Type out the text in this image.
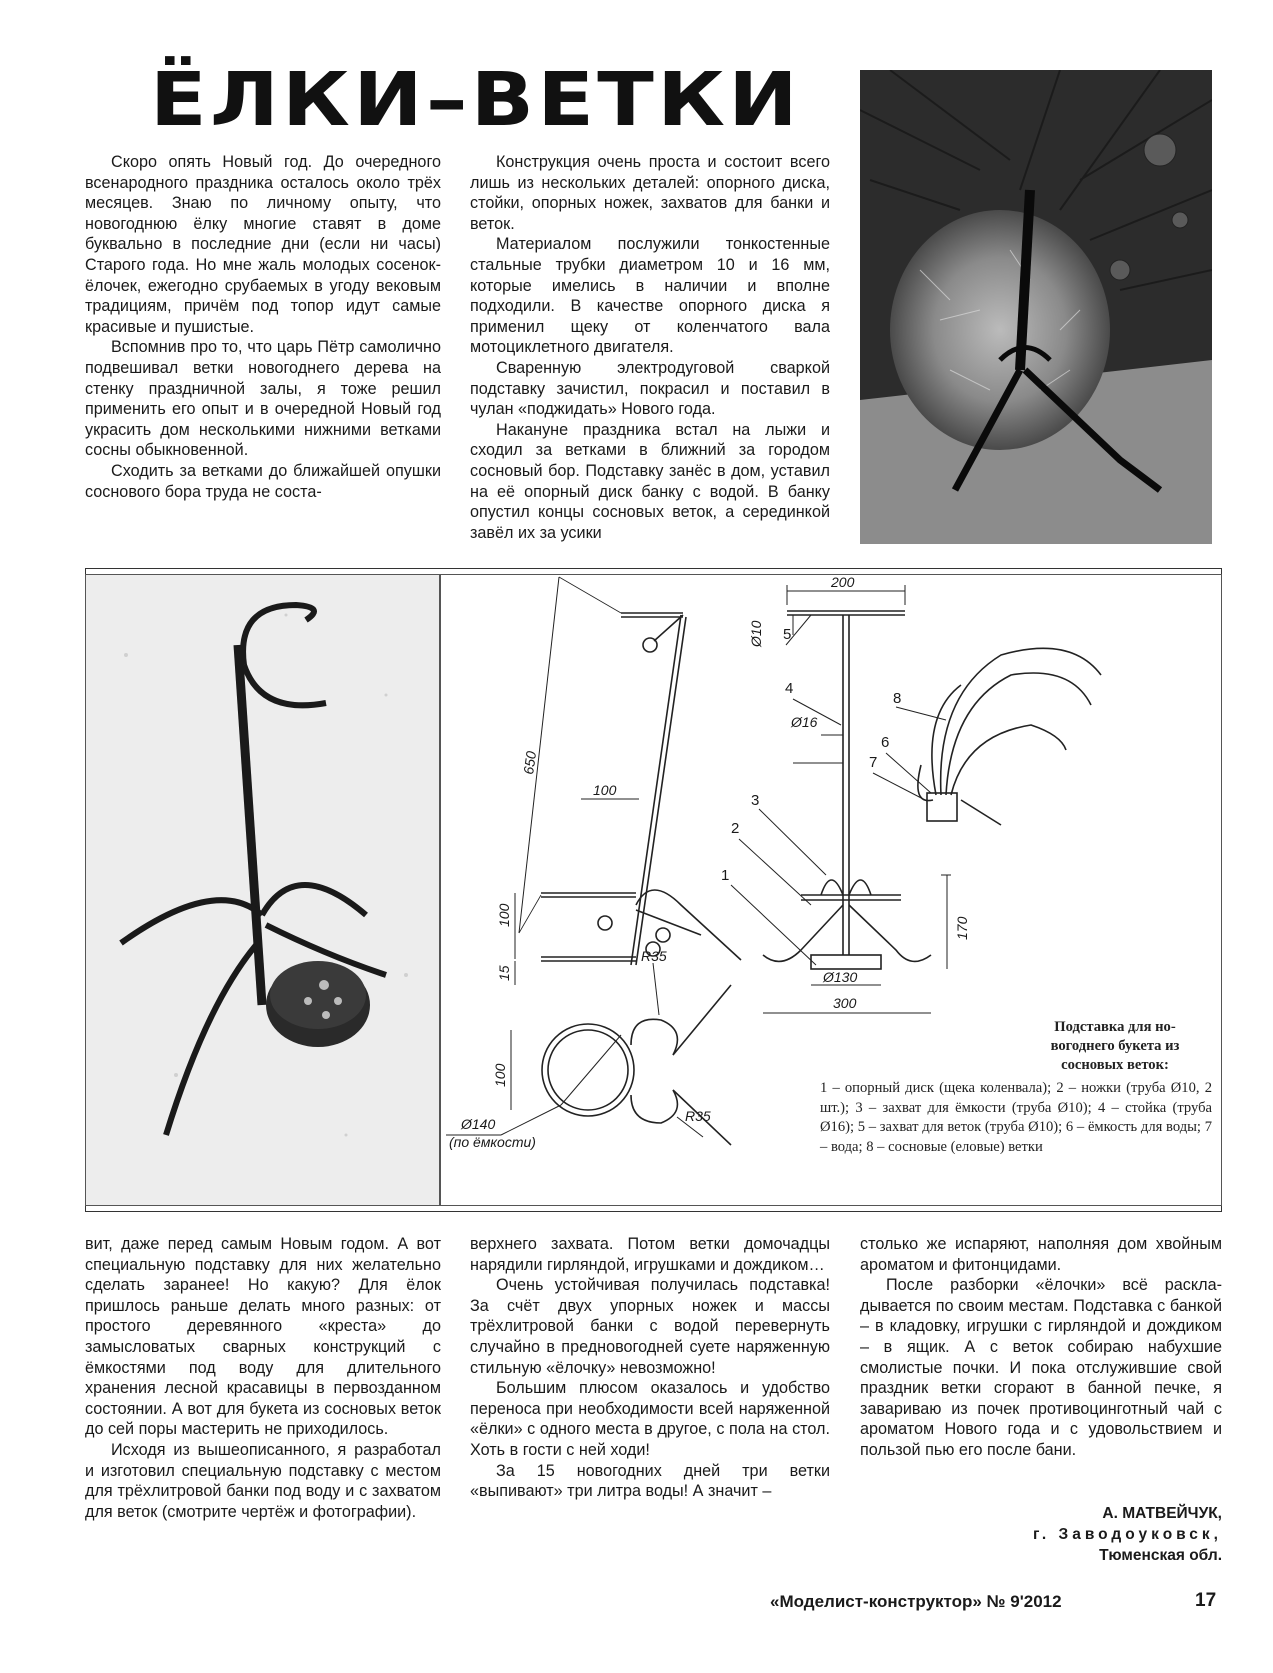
ЁЛКИ–ВЕТКИ

Скоро опять Новый год. До очередного всенародного праздника осталось около трёх месяцев. Знаю по личному опыту, что новогоднюю ёлку многие ставят в доме буквально в последние дни (если ни часы) Старого года. Но мне жаль молодых сосенок-ёлочек, ежегодно срубаемых в угоду вековым традициям, причём под топор идут самые красивые и пушистые.

Вспомнив про то, что царь Пётр самолично подвешивал ветки новогоднего дерева на стенку праздничной залы, я тоже решил применить его опыт и в очередной Новый год украсить дом несколькими нижними ветками сосны обыкновенной.

Сходить за ветками до ближайшей опушки соснового бора труда не соста-

Конструкция очень проста и состоит всего лишь из нескольких деталей: опорного диска, стойки, опорных ножек, захватов для банки и веток.

Материалом послужили тонкостенные стальные трубки диаметром 10 и 16 мм, которые имелись в наличии и вполне подходили. В качестве опорного диска я применил щеку от коленчатого вала мотоциклетного двигателя.

Сваренную электродуговой сваркой подставку зачистил, покрасил и поставил в чулан «поджидать» Нового года.

Накануне праздника встал на лыжи и сходил за ветками в ближний за городом сосновый бор. Подставку занёс в дом, уставил на её опорный диск банку с водой. В банку опустил концы сосновых веток, а серединкой завёл их за усики

200
Ø10
650
100
100
15
Ø16
170
Ø130
300
R35
R35
100
Ø140
(по ёмкости)
1
2
3
4
5
6
7
8
Подставка для новогоднего букета из сосновых веток:
1 – опорный диск (щека коленвала); 2 – ножки (труба Ø10, 2 шт.); 3 – захват для ёмкости (труба Ø10); 4 – стойка (труба Ø16); 5 – захват для веток (труба Ø10); 6 – ёмкость для воды; 7 – вода; 8 – сосновые (еловые) ветки

вит, даже перед самым Новым годом. А вот специальную подставку для них желательно сделать заранее! Но какую? Для ёлок пришлось раньше делать много разных: от простого деревянного «креста» до замысловатых сварных конструкций с ёмкостями под воду для длительного хранения лесной красавицы в первозданном состоянии. А вот для букета из сосновых веток до сей поры мастерить не приходилось.

Исходя из вышеописанного, я разработал и изготовил специальную подставку с местом для трёхлитровой банки под воду и с захватом для веток (смотрите чертёж и фотографии).

верхнего захвата. Потом ветки домочадцы нарядили гирляндой, игрушками и дождиком…

Очень устойчивая получилась подставка! За счёт двух упорных ножек и массы трёхлитровой банки с водой перевернуть случайно в предновогодней суете наряженную стильную «ёлочку» невозможно!

Большим плюсом оказалось и удобство переноса при необходимости всей наряженной «ёлки» с одного места в другое, с пола на стол. Хоть в гости с ней ходи!

За 15 новогодних дней три ветки «выпивают» три литра воды! А значит –

столько же испаряют, наполняя дом хвойным ароматом и фитонцидами.

После разборки «ёлочки» всё раскладывается по своим местам. Подставка с банкой – в кладовку, игрушки с гирляндой и дождиком – в ящик. А с веток собираю набухшие смолистые почки. И пока отслужившие свой праздник ветки сгорают в банной печке, я завариваю из почек противоцинготный чай с ароматом Нового года и с удовольствием и пользой пью его после бани.

А. МАТВЕЙЧУК,
г. Заводоуковск,
Тюменская обл.
«Моделист-конструктор» № 9'2012	17
